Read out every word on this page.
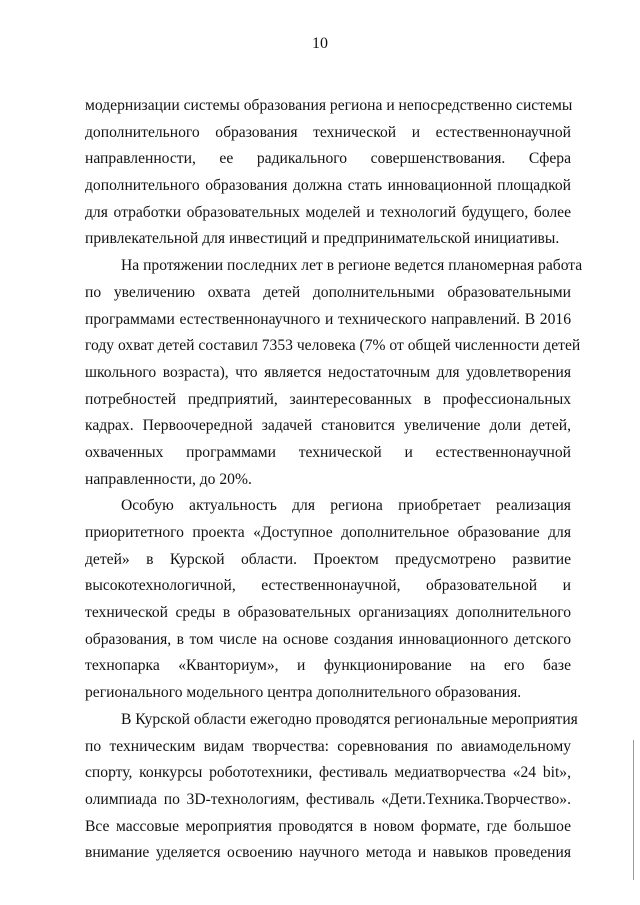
10
модернизации системы образования региона и непосредственно системы
дополнительного образования технической и естественнонаучной
направленности, ее радикального совершенствования. Сфера
дополнительного образования должна стать инновационной площадкой
для отработки образовательных моделей и технологий будущего, более
привлекательной для инвестиций и предпринимательской инициативы.
На протяжении последних лет в регионе ведется планомерная работа
по увеличению охвата детей дополнительными образовательными
программами естественнонаучного и технического направлений. В 2016
году охват детей составил 7353 человека (7% от общей численности детей
школьного возраста), что является недостаточным для удовлетворения
потребностей предприятий, заинтересованных в профессиональных
кадрах. Первоочередной задачей становится увеличение доли детей,
охваченных программами технической и естественнонаучной
направленности, до 20%.
Особую актуальность для региона приобретает реализация
приоритетного проекта «Доступное дополнительное образование для
детей» в Курской области. Проектом предусмотрено развитие
высокотехнологичной, естественнонаучной, образовательной и
технической среды в образовательных организациях дополнительного
образования, в том числе на основе создания инновационного детского
технопарка «Кванториум», и функционирование на его базе
регионального модельного центра дополнительного образования.
В Курской области ежегодно проводятся региональные мероприятия
по техническим видам творчества: соревнования по авиамодельному
спорту, конкурсы робототехники, фестиваль медиатворчества «24 bit»,
олимпиада по 3D-технологиям, фестиваль «Дети.Техника.Творчество».
Все массовые мероприятия проводятся в новом формате, где большое
внимание уделяется освоению научного метода и навыков проведения
